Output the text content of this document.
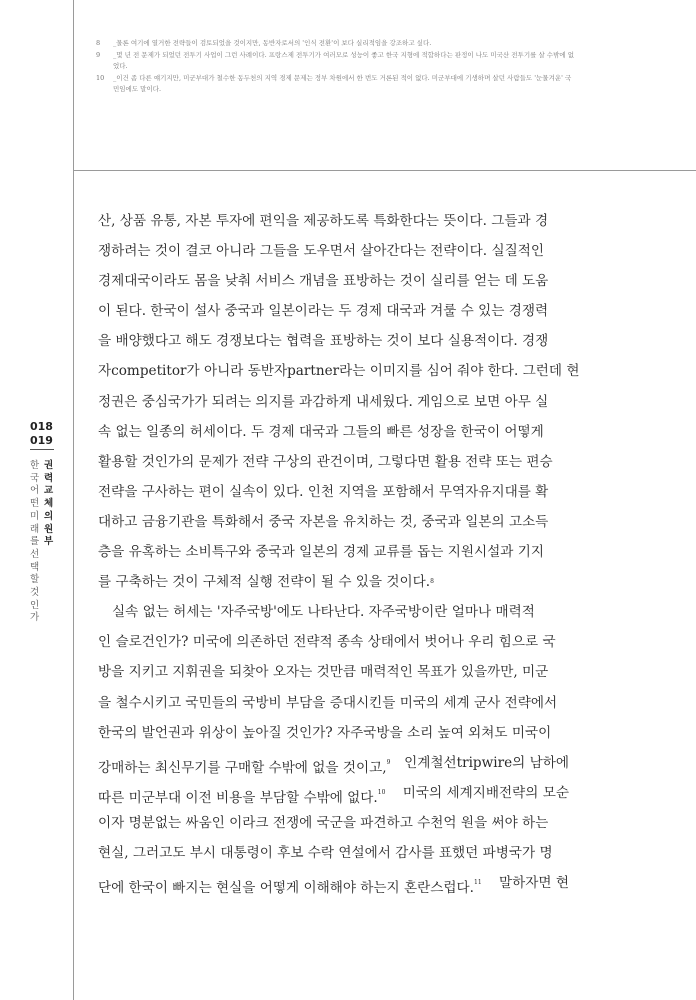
8	_물론 여기에 열거한 전략들이 검토되었을 것이지만, 동반자로서의 '인식 전환'이 보다 실리적임을 강조하고 싶다.
9	_몇 년 전 문제가 되었던 전투기 사업이 그런 사례이다. 프랑스제 전투기가 여러모로 성능이 좋고 한국 지형에 적합하다는 판정이 나도 미국산 전투기를 살 수밖에 없었다.
10	_이건 좀 다른 얘기지만, 미군부대가 철수한 동두천의 지역 경제 문제는 정부 차원에서 한 번도 거론된 적이 없다. 미군부대에 기생하며 살던 사람들도 '눈물겨운' 국민임에도 말이다.
018
019
한국 어떤 미래를 선택할 것인가
권력 교체의 원부
산, 상품 유통, 자본 투자에 편익을 제공하도록 특화한다는 뜻이다. 그들과 경
쟁하려는 것이 결코 아니라 그들을 도우면서 살아간다는 전략이다. 실질적인
경제대국이라도 몸을 낮춰 서비스 개념을 표방하는 것이 실리를 얻는 데 도움
이 된다. 한국이 설사 중국과 일본이라는 두 경제 대국과 겨룰 수 있는 경쟁력
을 배양했다고 해도 경쟁보다는 협력을 표방하는 것이 보다 실용적이다. 경쟁
자competitor가 아니라 동반자partner라는 이미지를 심어 줘야 한다. 그런데 현
정권은 중심국가가 되려는 의지를 과감하게 내세웠다. 게임으로 보면 아무 실
속 없는 일종의 허세이다. 두 경제 대국과 그들의 빠른 성장을 한국이 어떻게
활용할 것인가의 문제가 전략 구상의 관건이며, 그렇다면 활용 전략 또는 편승
전략을 구사하는 편이 실속이 있다. 인천 지역을 포함해서 무역자유지대를 확
대하고 금융기관을 특화해서 중국 자본을 유치하는 것, 중국과 일본의 고소득
층을 유혹하는 소비특구와 중국과 일본의 경제 교류를 돕는 지원시설과 기지
를 구축하는 것이 구체적 실행 전략이 될 수 있을 것이다. 8
실속 없는 허세는 '자주국방'에도 나타난다. 자주국방이란 얼마나 매력적
인 슬로건인가? 미국에 의존하던 전략적 종속 상태에서 벗어나 우리 힘으로 국
방을 지키고 지휘권을 되찾아 오자는 것만큼 매력적인 목표가 있을까만, 미군
을 철수시키고 국민들의 국방비 부담을 증대시킨들 미국의 세계 군사 전략에서
한국의 발언권과 위상이 높아질 것인가? 자주국방을 소리 높여 외쳐도 미국이
강매하는 최신무기를 구매할 수밖에 없을 것이고,$^9$ 인계철선tripwire의 남하에
따른 미군부대 이전 비용을 부담할 수밖에 없다.$^{10}$ 미국의 세계지배전략의 모순
이자 명분없는 싸움인 이라크 전쟁에 국군을 파견하고 수천억 원을 써야 하는
현실, 그러고도 부시 대통령이 후보 수락 연설에서 감사를 표했던 파병국가 명
단에 한국이 빠지는 현실을 어떻게 이해해야 하는지 혼란스럽다.$^{11}$ 말하자면 현
